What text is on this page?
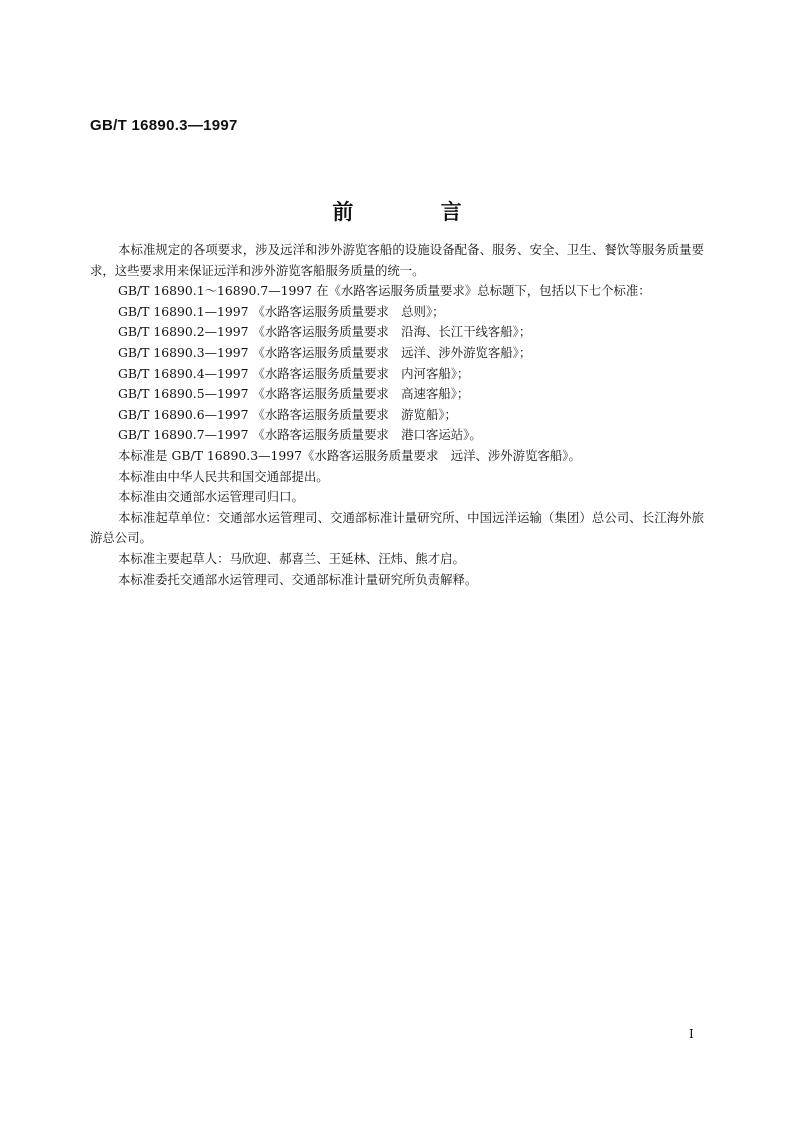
GB/T 16890.3—1997
前 言

本标准规定的各项要求，涉及远洋和涉外游览客船的设施设备配备、服务、安全、卫生、餐饮等服务质量要求，这些要求用来保证远洋和涉外游览客船服务质量的统一。

GB/T 16890.1～16890.7—1997 在《水路客运服务质量要求》总标题下，包括以下七个标准：

GB/T 16890.1—1997 《水路客运服务质量要求　总则》；

GB/T 16890.2—1997 《水路客运服务质量要求　沿海、长江干线客船》；

GB/T 16890.3—1997 《水路客运服务质量要求　远洋、涉外游览客船》；

GB/T 16890.4—1997 《水路客运服务质量要求　内河客船》；

GB/T 16890.5—1997 《水路客运服务质量要求　高速客船》；

GB/T 16890.6—1997 《水路客运服务质量要求　游览船》；

GB/T 16890.7—1997 《水路客运服务质量要求　港口客运站》。

本标准是 GB/T 16890.3—1997《水路客运服务质量要求　远洋、涉外游览客船》。

本标准由中华人民共和国交通部提出。

本标准由交通部水运管理司归口。

本标准起草单位：交通部水运管理司、交通部标准计量研究所、中国远洋运输（集团）总公司、长江海外旅游总公司。

本标准主要起草人：马欣迎、郝喜兰、王延林、汪炜、熊才启。

本标准委托交通部水运管理司、交通部标准计量研究所负责解释。

I
